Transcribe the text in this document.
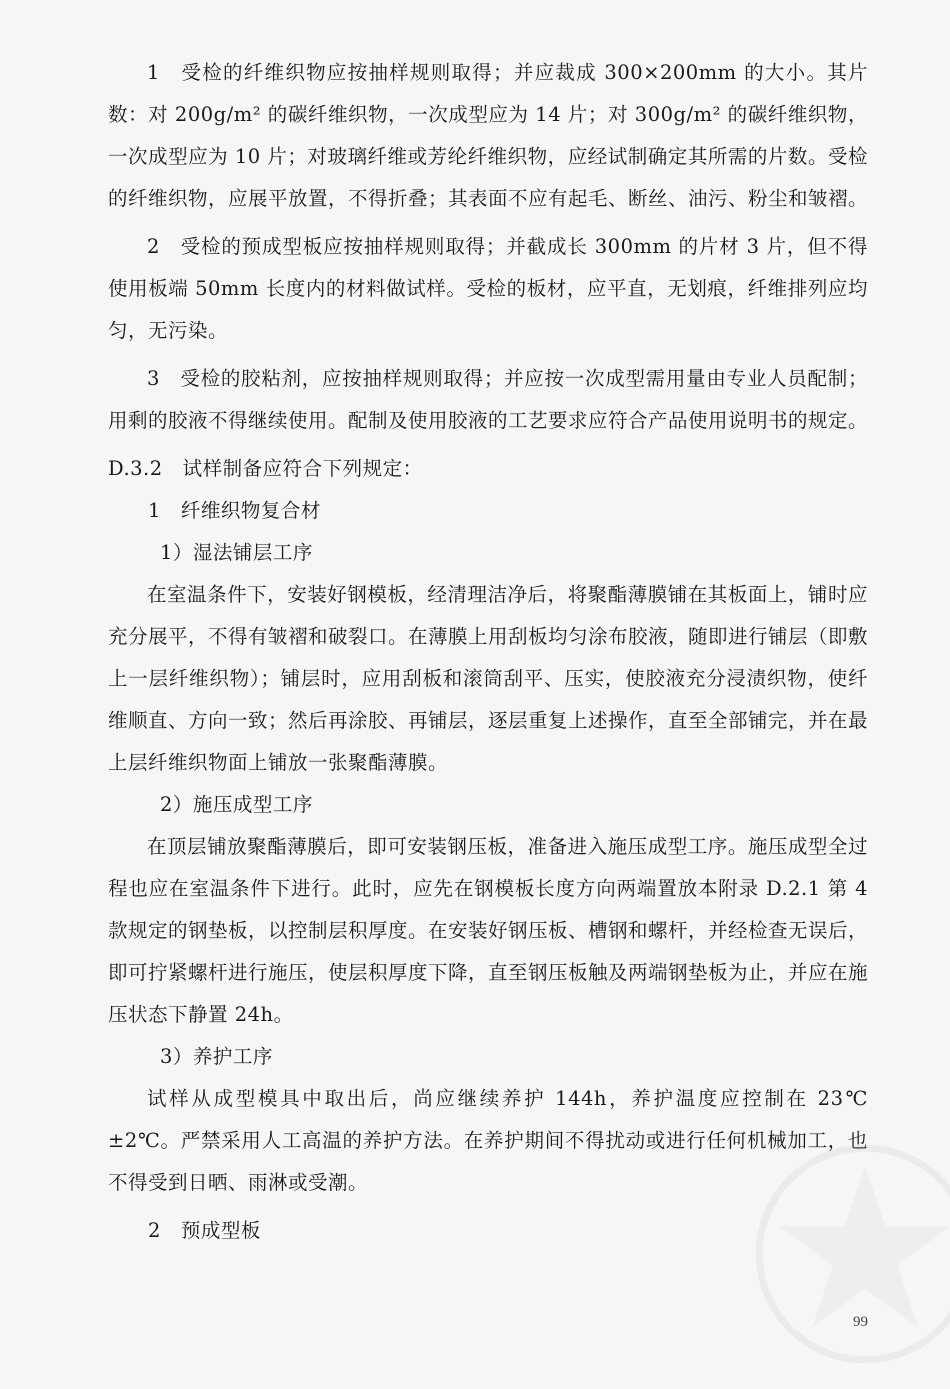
1　受检的纤维织物应按抽样规则取得；并应裁成 300×200mm 的大小。其片数：对 200g/m² 的碳纤维织物，一次成型应为 14 片；对 300g/m² 的碳纤维织物，一次成型应为 10 片；对玻璃纤维或芳纶纤维织物，应经试制确定其所需的片数。受检的纤维织物，应展平放置，不得折叠；其表面不应有起毛、断丝、油污、粉尘和皱褶。

2　受检的预成型板应按抽样规则取得；并截成长 300mm 的片材 3 片，但不得使用板端 50mm 长度内的材料做试样。受检的板材，应平直，无划痕，纤维排列应均匀，无污染。

3　受检的胶粘剂，应按抽样规则取得；并应按一次成型需用量由专业人员配制；用剩的胶液不得继续使用。配制及使用胶液的工艺要求应符合产品使用说明书的规定。

D.3.2　试样制备应符合下列规定：

1　纤维织物复合材

1）湿法铺层工序

在室温条件下，安装好钢模板，经清理洁净后，将聚酯薄膜铺在其板面上，铺时应充分展平，不得有皱褶和破裂口。在薄膜上用刮板均匀涂布胶液，随即进行铺层（即敷上一层纤维织物）；铺层时，应用刮板和滚筒刮平、压实，使胶液充分浸渍织物，使纤维顺直、方向一致；然后再涂胶、再铺层，逐层重复上述操作，直至全部铺完，并在最上层纤维织物面上铺放一张聚酯薄膜。

2）施压成型工序

在顶层铺放聚酯薄膜后，即可安装钢压板，准备进入施压成型工序。施压成型全过程也应在室温条件下进行。此时，应先在钢模板长度方向两端置放本附录 D.2.1 第 4 款规定的钢垫板，以控制层积厚度。在安装好钢压板、槽钢和螺杆，并经检查无误后，即可拧紧螺杆进行施压，使层积厚度下降，直至钢压板触及两端钢垫板为止，并应在施压状态下静置 24h。

3）养护工序

试样从成型模具中取出后，尚应继续养护 144h，养护温度应控制在 23℃±2℃。严禁采用人工高温的养护方法。在养护期间不得扰动或进行任何机械加工，也不得受到日晒、雨淋或受潮。

2　预成型板

99
